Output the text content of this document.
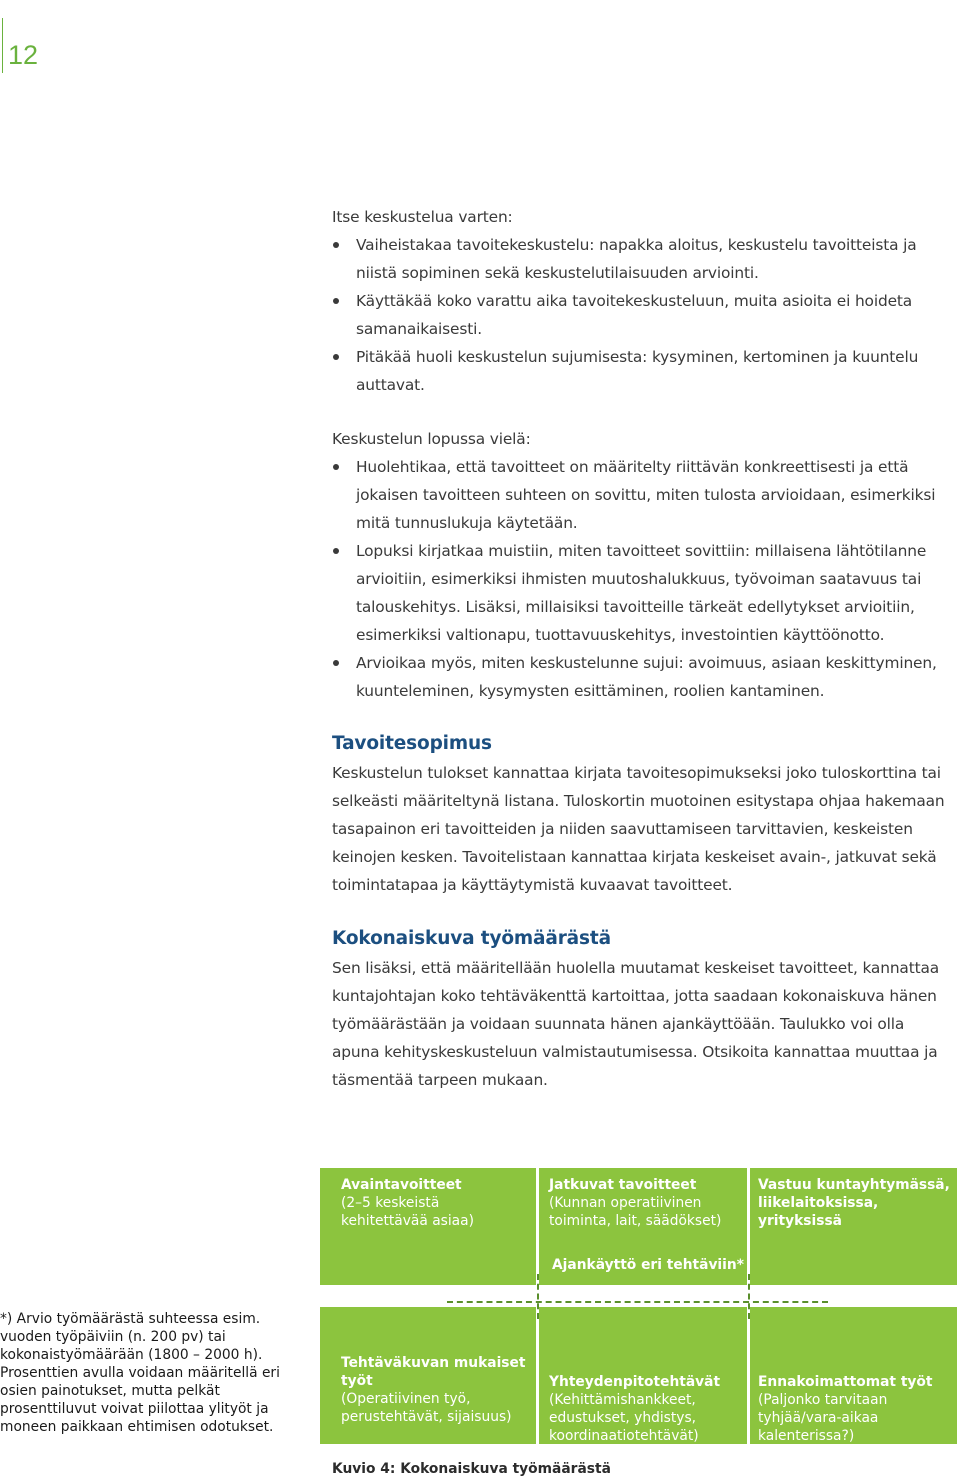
12

Itse keskustelua varten:

Vaiheistakaa tavoitekeskustelu: napakka aloitus, keskustelu tavoitteista ja niistä sopiminen sekä keskustelutilaisuuden arviointi.
Käyttäkää koko varattu aika tavoitekeskusteluun, muita asioita ei hoideta samanaikaisesti.
Pitäkää huoli keskustelun sujumisesta: kysyminen, kertominen ja kuuntelu auttavat.

Keskustelun lopussa vielä:

Huolehtikaa, että tavoitteet on määritelty riittävän konkreettisesti ja että jokaisen tavoitteen suhteen on sovittu, miten tulosta arvioidaan, esimerkiksi mitä tunnuslukuja käytetään.
Lopuksi kirjatkaa muistiin, miten tavoitteet sovittiin: millaisena lähtötilanne arvioitiin, esimerkiksi ihmisten muutoshalukkuus, työvoiman saatavuus tai talouskehitys. Lisäksi, millaisiksi tavoitteille tärkeät edellytykset arvioitiin, esimerkiksi valtionapu, tuottavuuskehitys, investointien käyttöönotto.
Arvioikaa myös, miten keskustelunne sujui: avoimuus, asiaan keskittyminen, kuunteleminen, kysymysten esittäminen, roolien kantaminen.

Tavoitesopimus

Keskustelun tulokset kannattaa kirjata tavoitesopimukseksi joko tuloskorttina tai selkeästi määriteltynä listana. Tuloskortin muotoinen esitystapa ohjaa hakemaan tasapainon eri tavoitteiden ja niiden saavuttamiseen tarvittavien, keskeisten keinojen kesken. Tavoitelistaan kannattaa kirjata keskeiset avain-, jatkuvat sekä toimintatapaa ja käyttäytymistä kuvaavat tavoitteet.

Kokonaiskuva työmäärästä

Sen lisäksi, että määritellään huolella muutamat keskeiset tavoitteet, kannattaa kuntajohtajan koko tehtäväkenttä kartoittaa, jotta saadaan kokonaiskuva hänen työmäärästään ja voidaan suunnata hänen ajankäyttöään. Taulukko voi olla apuna kehityskeskusteluun valmistautumisessa. Otsikoita kannattaa muuttaa ja täsmentää tarpeen mukaan.

Avaintavoitteet
(2–5 keskeistä kehitettävää asiaa)
Jatkuvat tavoitteet
(Kunnan operatiivinen toiminta, lait, säädökset)
Vastuu kuntayhtymässä, liikelaitoksissa, yrityksissä
Ajankäyttö eri tehtäviin*
Tehtäväkuvan mukaiset työt
(Operatiivinen työ, perustehtävät, sijaisuus)
Yhteydenpitotehtävät
(Kehittämishankkeet, edustukset, yhdistys, koordinaatiotehtävät)
Ennakoimattomat työt
(Paljonko tarvitaan tyhjää/vara-aikaa kalenterissa?)
Kuvio 4: Kokonaiskuva työmäärästä
*) Arvio työmäärästä suhteessa esim. vuoden työpäiviin (n. 200 pv) tai kokonaistyömäärään (1800 – 2000 h). Prosenttien avulla voidaan määritellä eri osien painotukset, mutta pelkät prosenttiluvut voivat piilottaa ylityöt ja moneen paikkaan ehtimisen odotukset.
